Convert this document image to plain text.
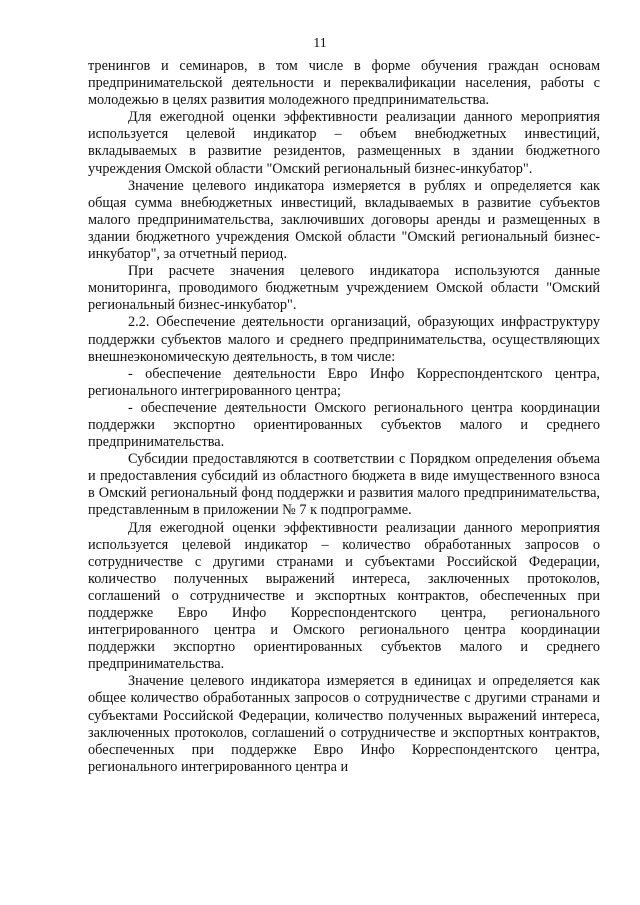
11

тренингов и семинаров, в том числе в форме обучения граждан основам предпринимательской деятельности и переквалификации населения, работы с молодежью в целях развития молодежного предпринимательства.

Для ежегодной оценки эффективности реализации данного мероприятия используется целевой индикатор – объем внебюджетных инвестиций, вкладываемых в развитие резидентов, размещенных в здании бюджетного учреждения Омской области "Омский региональный бизнес-инкубатор".

Значение целевого индикатора измеряется в рублях и определяется как общая сумма внебюджетных инвестиций, вкладываемых в развитие субъектов малого предпринимательства, заключивших договоры аренды и размещенных в здании бюджетного учреждения Омской области "Омский региональный бизнес-инкубатор", за отчетный период.

При расчете значения целевого индикатора используются данные мониторинга, проводимого бюджетным учреждением Омской области "Омский региональный бизнес-инкубатор".

2.2. Обеспечение деятельности организаций, образующих инфраструктуру поддержки субъектов малого и среднего предпринимательства, осуществляющих внешнеэкономическую деятельность, в том числе:

- обеспечение деятельности Евро Инфо Корреспондентского центра, регионального интегрированного центра;

- обеспечение деятельности Омского регионального центра координации поддержки экспортно ориентированных субъектов малого и среднего предпринимательства.

Субсидии предоставляются в соответствии с Порядком определения объема и предоставления субсидий из областного бюджета в виде имущественного взноса в Омский региональный фонд поддержки и развития малого предпринимательства, представленным в приложении № 7 к подпрограмме.

Для ежегодной оценки эффективности реализации данного мероприятия используется целевой индикатор – количество обработанных запросов о сотрудничестве с другими странами и субъектами Российской Федерации, количество полученных выражений интереса, заключенных протоколов, соглашений о сотрудничестве и экспортных контрактов, обеспеченных при поддержке Евро Инфо Корреспондентского центра, регионального интегрированного центра и Омского регионального центра координации поддержки экспортно ориентированных субъектов малого и среднего предпринимательства.

Значение целевого индикатора измеряется в единицах и определяется как общее количество обработанных запросов о сотрудничестве с другими странами и субъектами Российской Федерации, количество полученных выражений интереса, заключенных протоколов, соглашений о сотрудничестве и экспортных контрактов, обеспеченных при поддержке Евро Инфо Корреспондентского центра, регионального интегрированного центра и
